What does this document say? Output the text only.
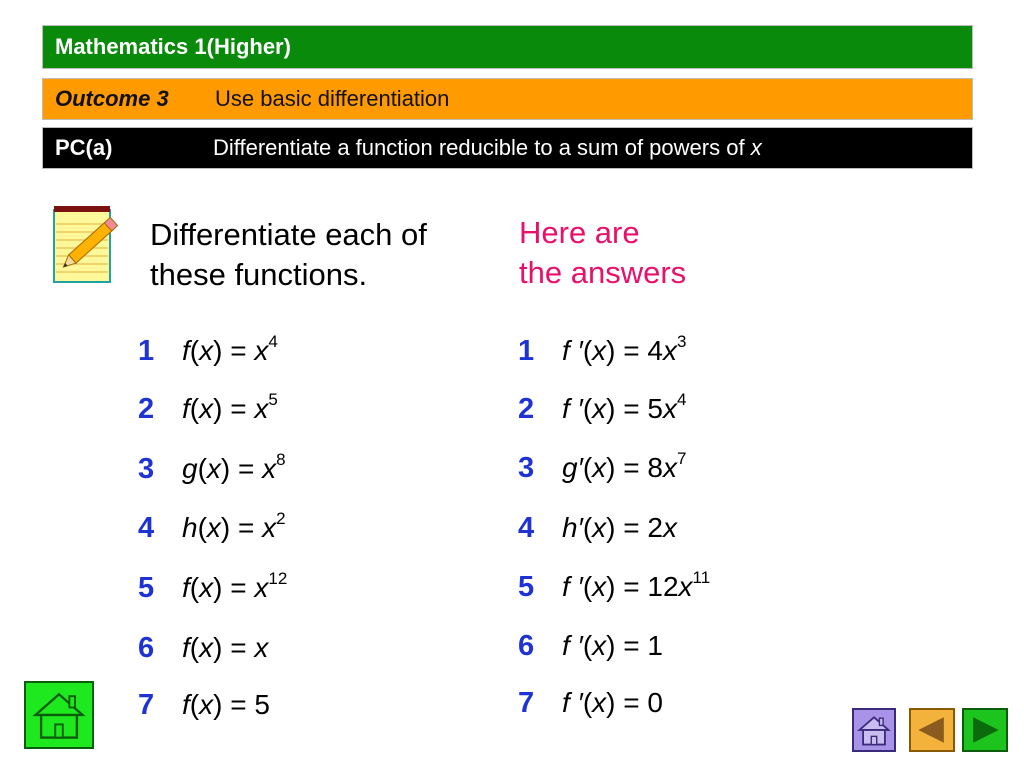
Mathematics 1(Higher)
Outcome 3 Use basic differentiation
PC(a)	Differentiate a function reducible to a sum of powers of
x
Differentiate each of
these functions.
Here are
the answers
1 $f(x) = x^4$
2 $f(x) = x^5$
3 $g(x) = x^8$
4 $h(x) = x^2$
5 $f(x) = x^{12}$
6 f(x) = x
7 f(x) = 5
1 f $'(x) = 4x^3$
2 f $'(x) = 5x^4$
3 $g'(x) = 8x^7$
4 h′(x) = 2x
5 f $'(x) = 12x^{11}$
6 f ′(x) = 1
7 f ′(x) = 0
